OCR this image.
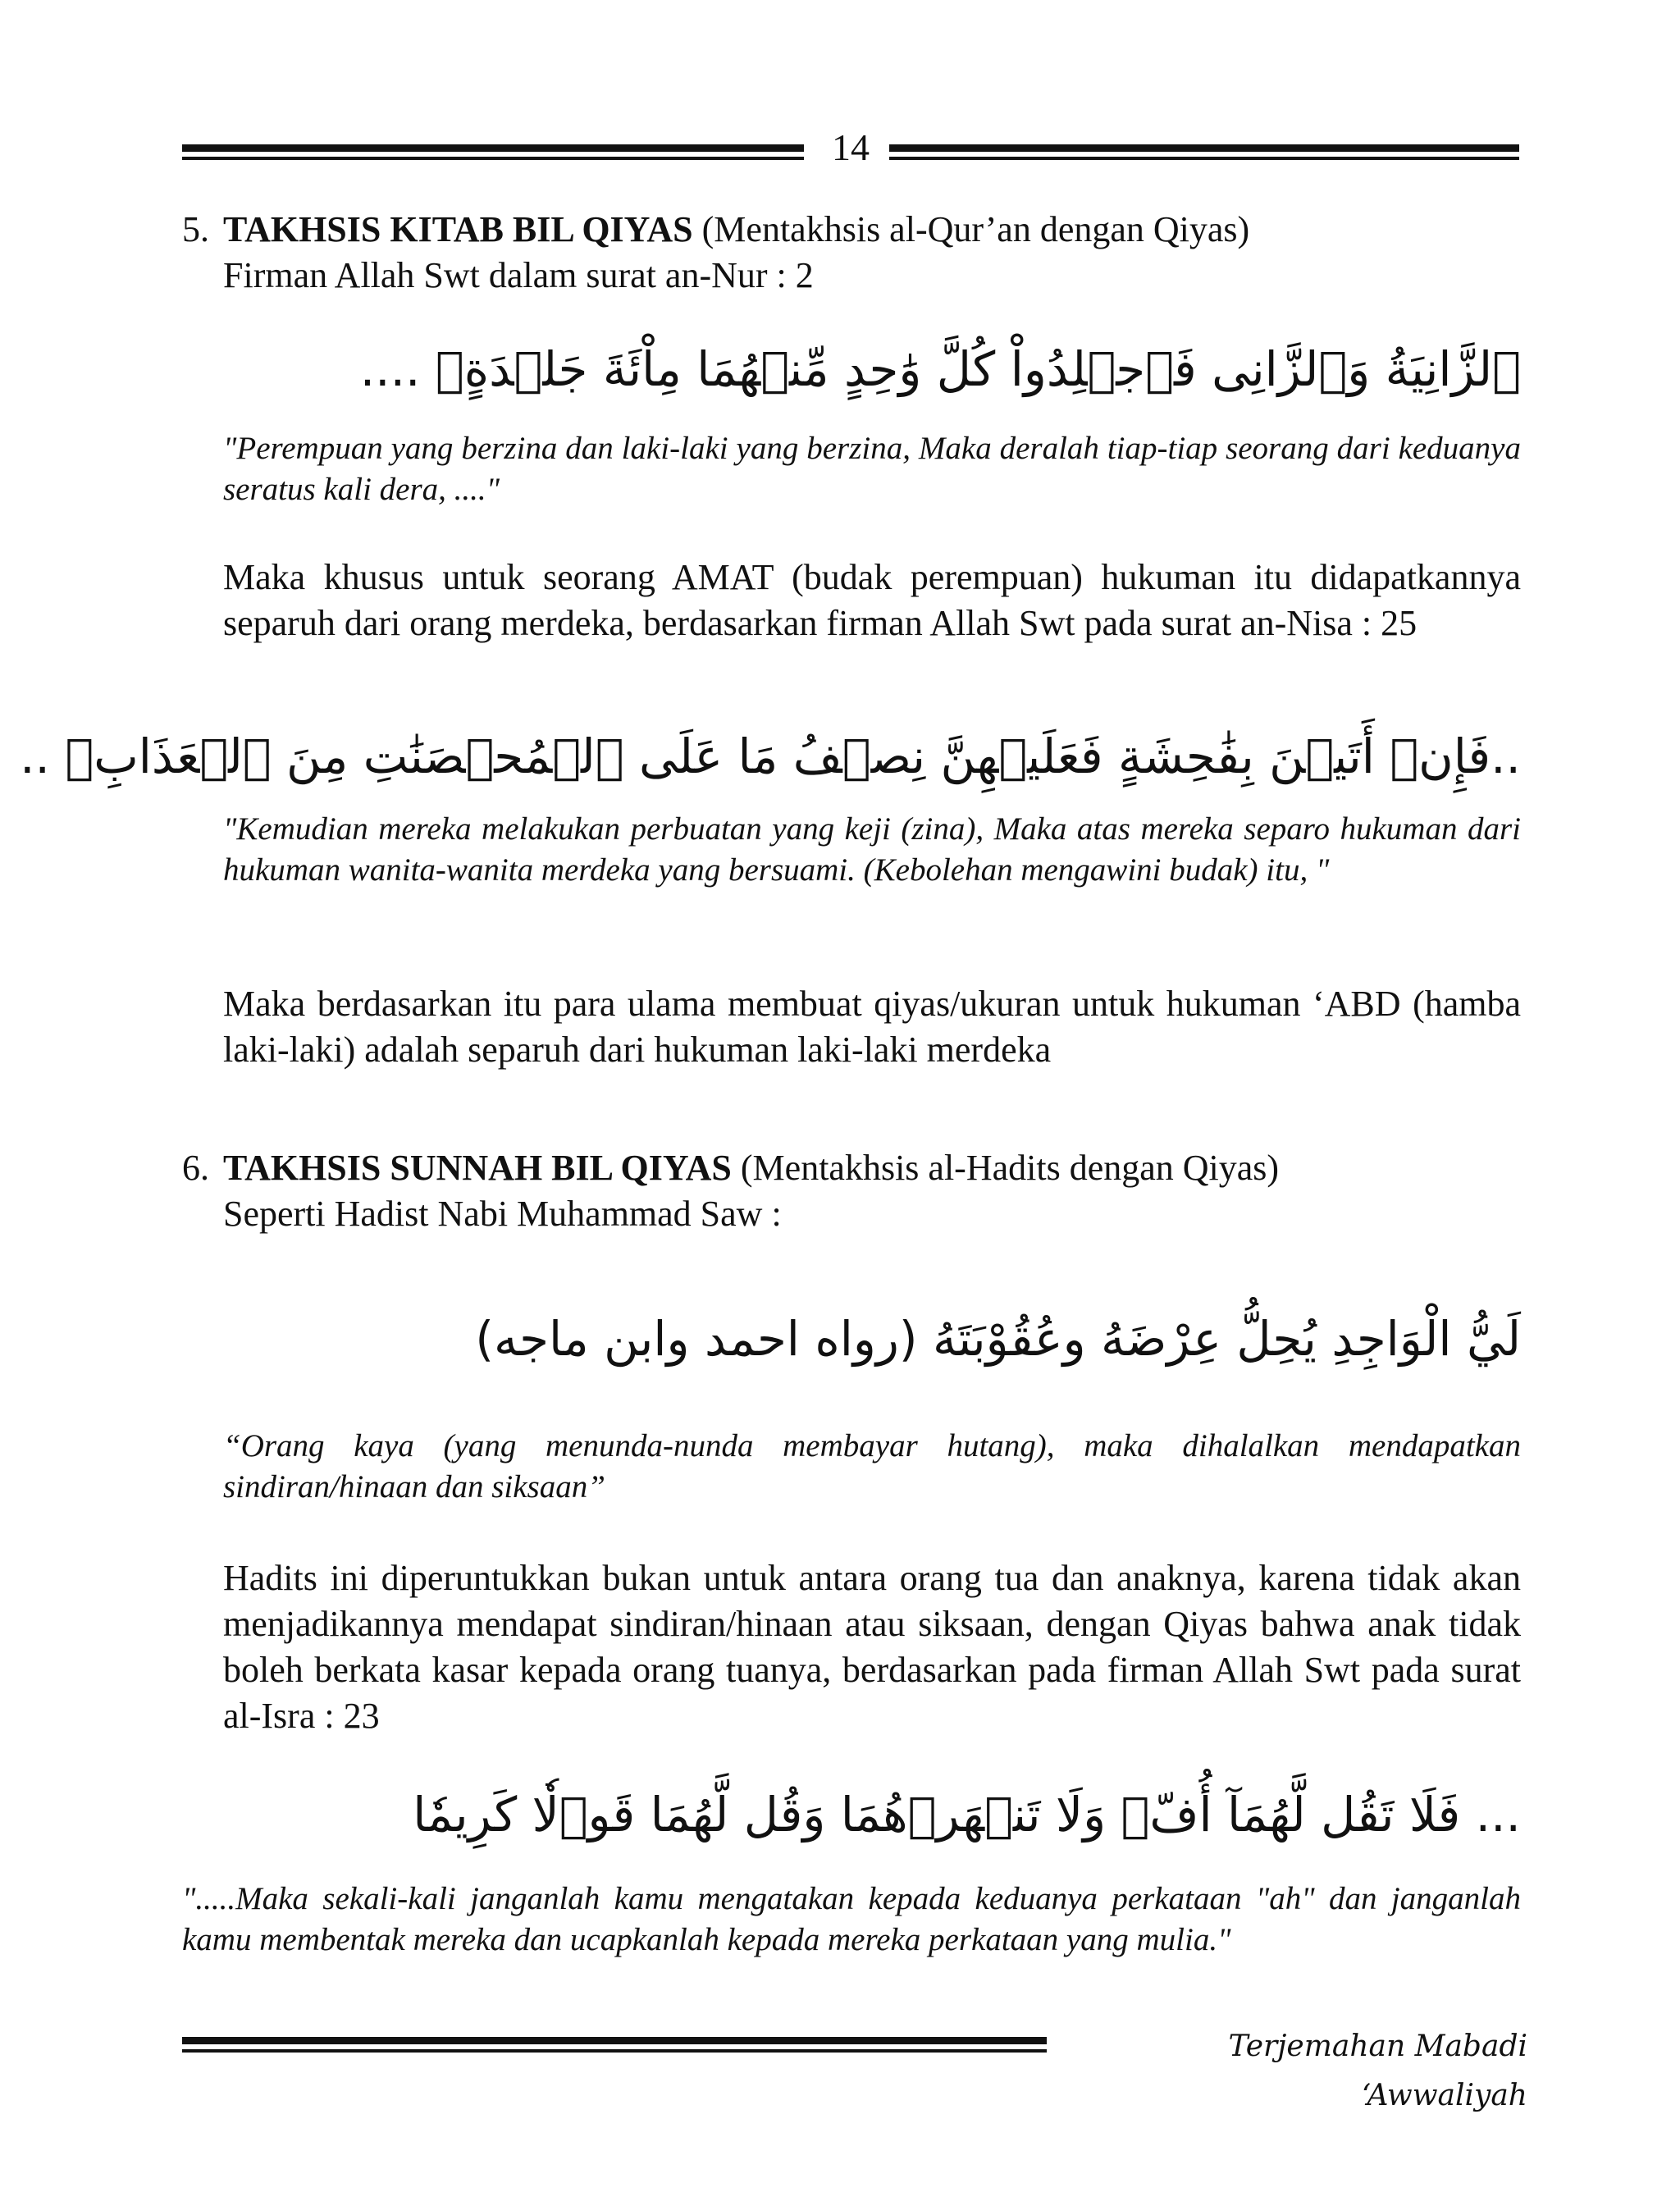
14
5. TAKHSIS KITAB BIL QIYAS (Mentakhsis al-Qur’an dengan Qiyas)
Firman Allah Swt dalam surat an-Nur : 2
ٱلزَّانِيَةُ وَٱلزَّانِى فَٱجۡلِدُواْ كُلَّ وَٰحِدٍ مِّنۡهُمَا مِاْئَةَ جَلۡدَةٍۖ ....
"Perempuan yang berzina dan laki-laki yang berzina, Maka deralah tiap-tiap seorang dari keduanya seratus kali dera, ...."
Maka khusus untuk seorang AMAT (budak perempuan) hukuman itu didapatkannya separuh dari orang merdeka, berdasarkan firman Allah Swt pada surat an-Nisa : 25
..فَإِنۡ أَتَيۡنَ بِفَٰحِشَةٍ فَعَلَيۡهِنَّ نِصۡفُ مَا عَلَى ٱلۡمُحۡصَنَٰتِ مِنَ ٱلۡعَذَابِۚ ..
"Kemudian mereka melakukan perbuatan yang keji (zina), Maka atas mereka separo hukuman dari hukuman wanita-wanita merdeka yang bersuami. (Kebolehan mengawini budak) itu, "
Maka berdasarkan itu para ulama membuat qiyas/ukuran untuk hukuman ‘ABD (hamba laki-laki) adalah separuh dari hukuman laki-laki merdeka
6. TAKHSIS SUNNAH BIL QIYAS (Mentakhsis al-Hadits dengan Qiyas)
Seperti Hadist Nabi Muhammad Saw :
لَيُّ الْوَاجِدِ يُحِلُّ عِرْضَهُ وعُقُوْبَتَهُ (رواه احمد وابن ماجه)
“Orang kaya (yang menunda-nunda membayar hutang), maka dihalalkan mendapatkan sindiran/hinaan dan siksaan”
Hadits ini diperuntukkan bukan untuk antara orang tua dan anaknya, karena tidak akan menjadikannya mendapat sindiran/hinaan atau siksaan, dengan Qiyas bahwa anak tidak boleh berkata kasar kepada orang tuanya, berdasarkan pada firman Allah Swt pada surat al-Isra : 23
... فَلَا تَقُل لَّهُمَآ أُفّٖ وَلَا تَنۡهَرۡهُمَا وَقُل لَّهُمَا قَوۡلٗا كَرِيمٗا
".....Maka sekali-kali janganlah kamu mengatakan kepada keduanya perkataan "ah" dan janganlah kamu membentak mereka dan ucapkanlah kepada mereka perkataan yang mulia."
Terjemahan Mabadi ‘Awwaliyah
